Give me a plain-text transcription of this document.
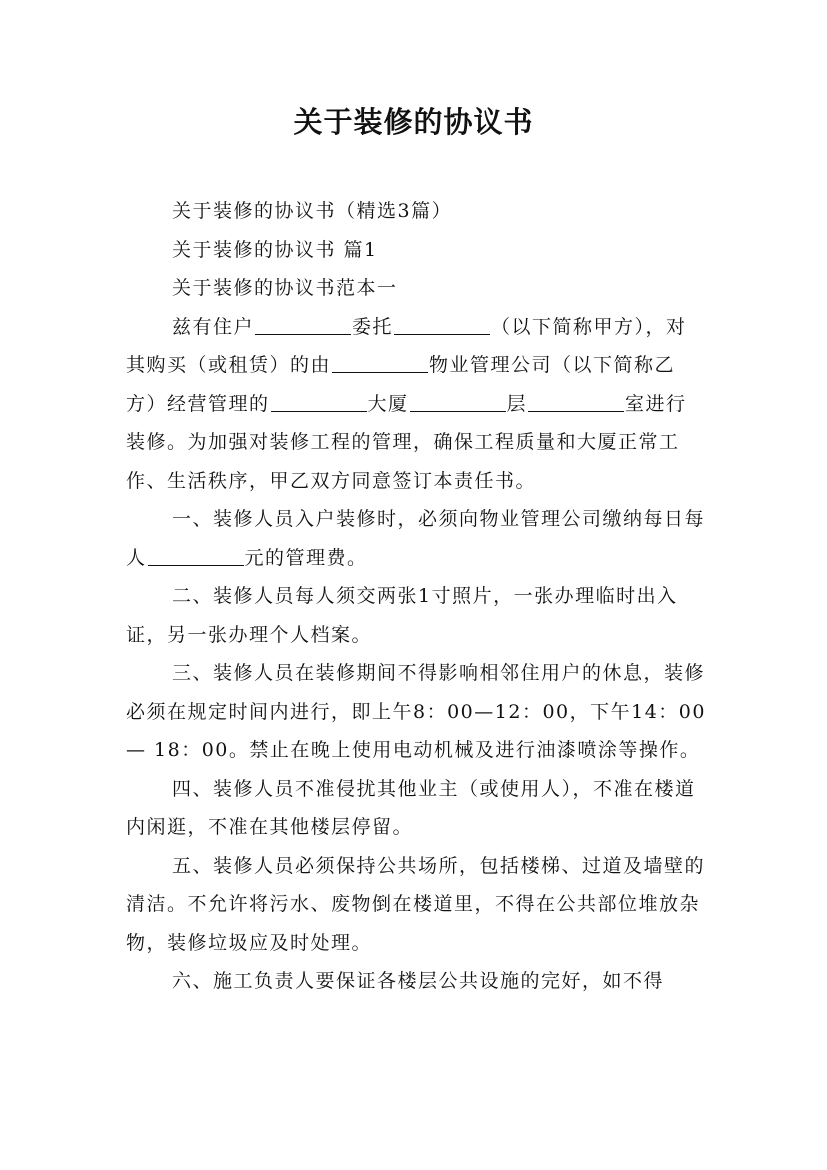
关于装修的协议书

关于装修的协议书（精选3篇）

关于装修的协议书 篇1

关于装修的协议书范本一

兹有住户	委托	（以下简称甲方），对其购买（或租赁）的由	物业管理公司（以下简称乙方）经营管理的	大厦	层	室进行装修。为加强对装修工程的管理，确保工程质量和大厦正常工作、生活秩序，甲乙双方同意签订本责任书。

一、装修人员入户装修时，必须向物业管理公司缴纳每日每人	元的管理费。

二、装修人员每人须交两张1寸照片，一张办理临时出入证，另一张办理个人档案。

三、装修人员在装修期间不得影响相邻住用户的休息，装修必须在规定时间内进行，即上午8：00—12：00，下午14：00 — 18：00。禁止在晚上使用电动机械及进行油漆喷涂等操作。

四、装修人员不准侵扰其他业主（或使用人），不准在楼道内闲逛，不准在其他楼层停留。

五、装修人员必须保持公共场所，包括楼梯、过道及墙壁的清洁。不允许将污水、废物倒在楼道里，不得在公共部位堆放杂物，装修垃圾应及时处理。

六、施工负责人要保证各楼层公共设施的完好，如不得
